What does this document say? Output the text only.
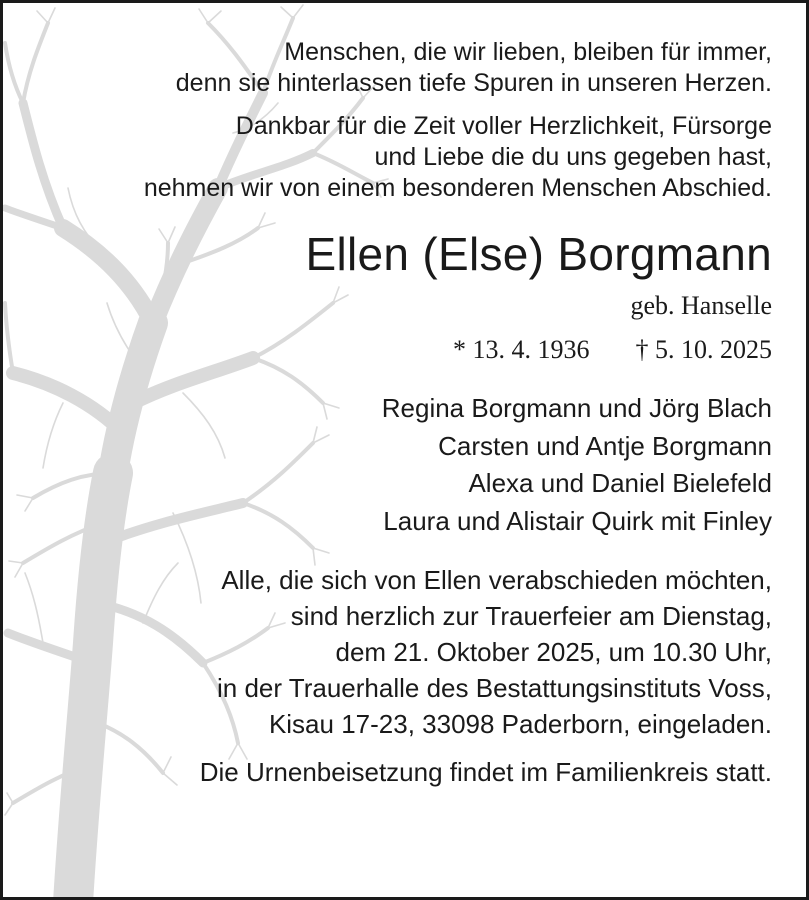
Menschen, die wir lieben, bleiben für immer,
denn sie hinterlassen tiefe Spuren in unseren Herzen.
Dankbar für die Zeit voller Herzlichkeit, Fürsorge
und Liebe die du uns gegeben hast,
nehmen wir von einem besonderen Menschen Abschied.
Ellen (Else) Borgmann
geb. Hanselle
* 13. 4. 1936 † 5. 10. 2025
Regina Borgmann und Jörg Blach
Carsten und Antje Borgmann
Alexa und Daniel Bielefeld
Laura und Alistair Quirk mit Finley
Alle, die sich von Ellen verabschieden möchten,
sind herzlich zur Trauerfeier am Dienstag,
dem 21. Oktober 2025, um 10.30 Uhr,
in der Trauerhalle des Bestattungsinstituts Voss,
Kisau 17-23, 33098 Paderborn, eingeladen.
Die Urnenbeisetzung findet im Familienkreis statt.
